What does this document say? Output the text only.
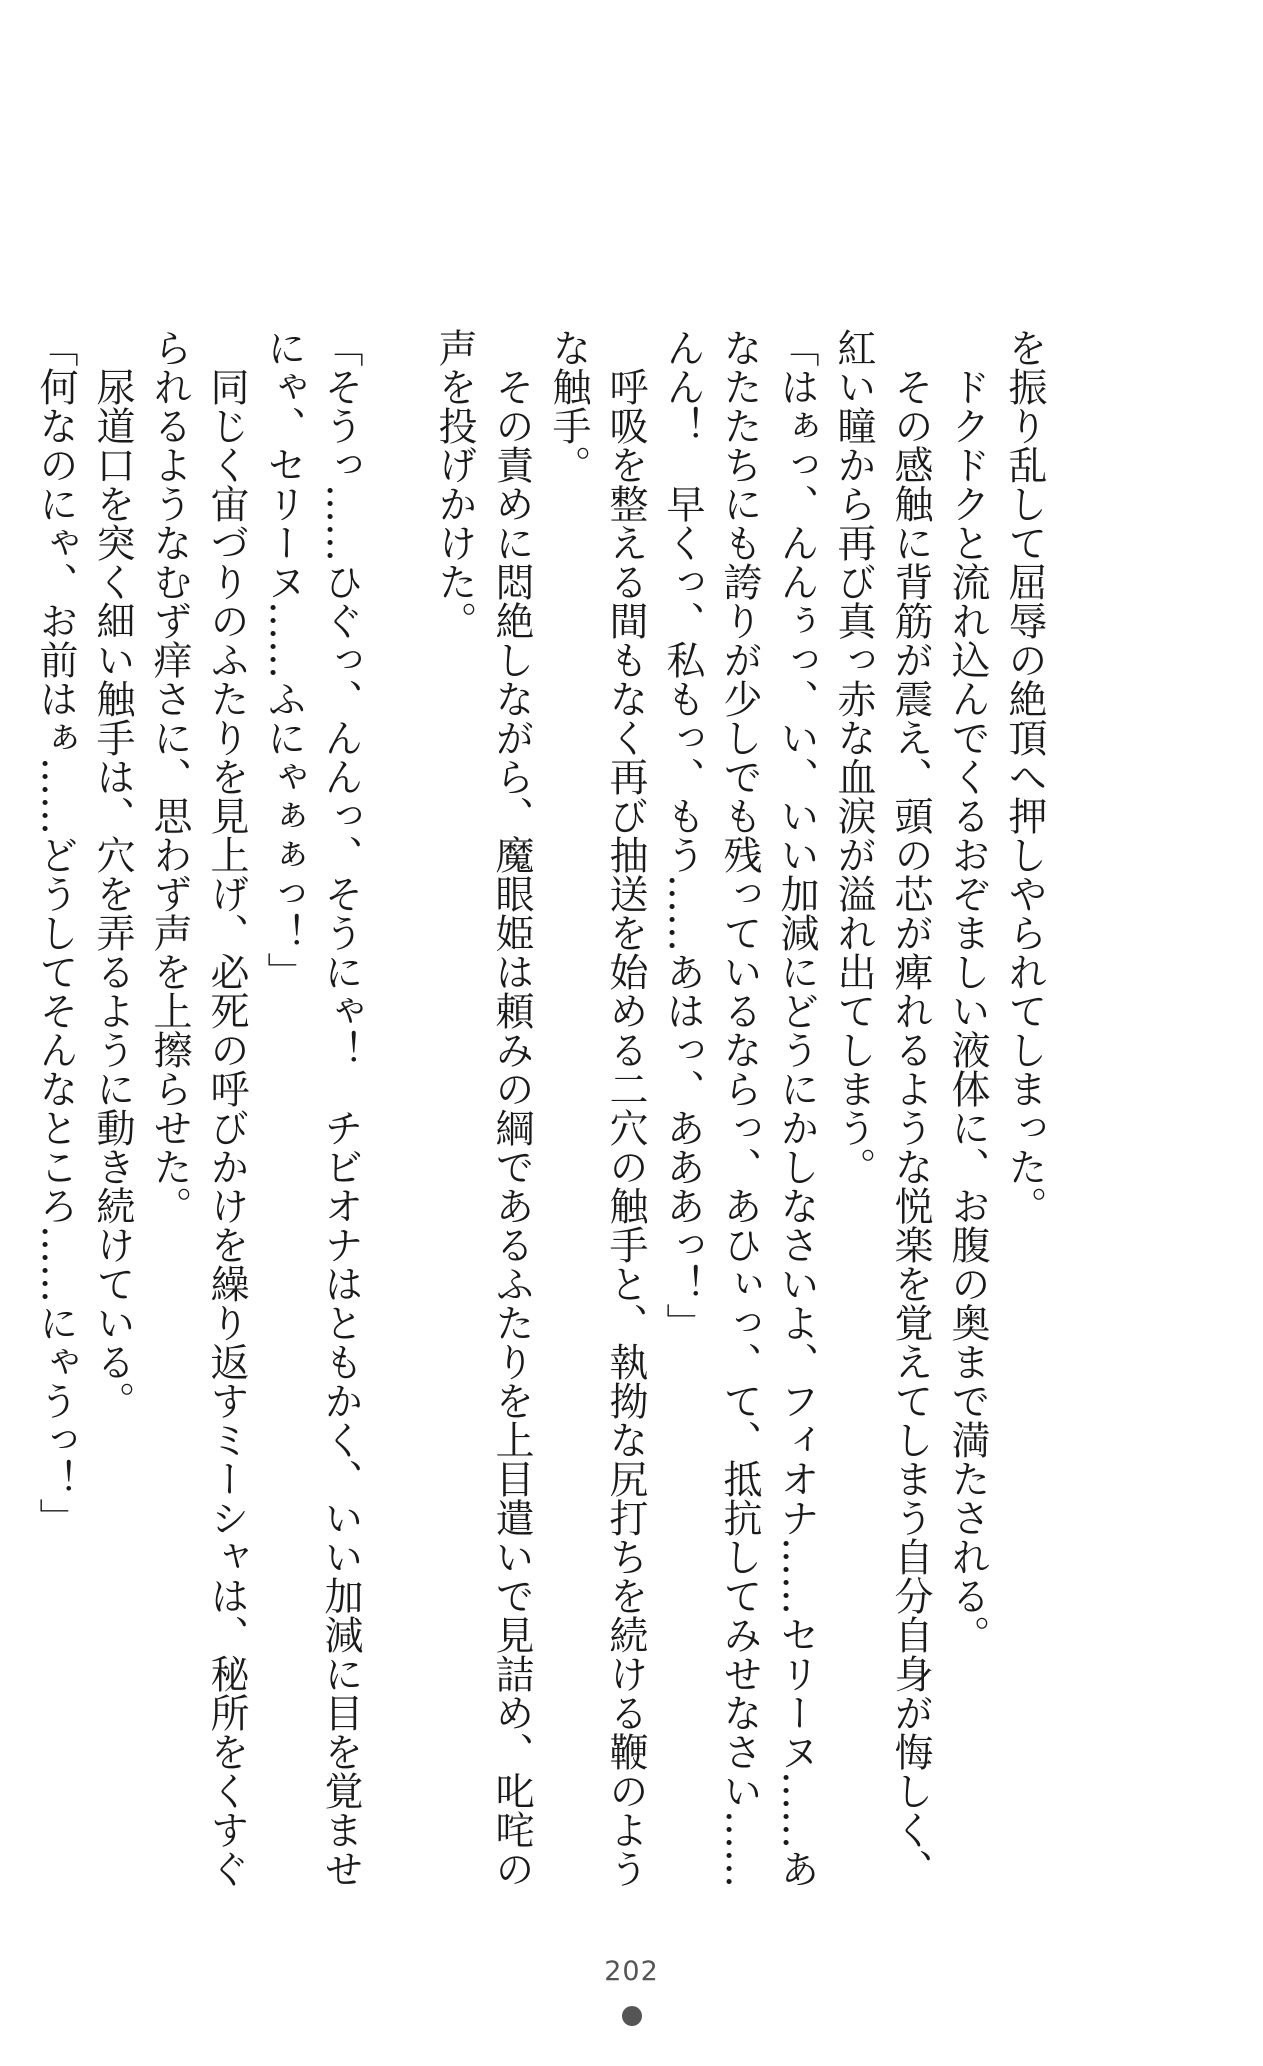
を振り乱して屈辱の絶頂へ押しやられてしまった。
　ドクドクと流れ込んでくるおぞましい液体に、お腹の奥まで満たされる。
　その感触に背筋が震え、頭の芯が痺れるような悦楽を覚えてしまう自分自身が悔しく、
紅い瞳から再び真っ赤な血涙が溢れ出てしまう。
「はぁっ、んんぅっ、い、いい加減にどうにかしなさいよ、フィオナ……セリーヌ……あ
なたたちにも誇りが少しでも残っているならっ、あひぃっ、て、抵抗してみせなさい……
んん！　早くっ、私もっ、もう……あはっ、あああっ！」
　呼吸を整える間もなく再び抽送を始める二穴の触手と、執拗な尻打ちを続ける鞭のよう
な触手。
　その責めに悶絶しながら、魔眼姫は頼みの綱であるふたりを上目遣いで見詰め、叱咤の
声を投げかけた。
「そうっ……ひぐっ、んんっ、そうにゃ！　チビオナはともかく、いい加減に目を覚ませ
にゃ、セリーヌ……ふにゃぁぁっ！」
　同じく宙づりのふたりを見上げ、必死の呼びかけを繰り返すミーシャは、秘所をくすぐ
られるようなむず痒さに、思わず声を上擦らせた。
　尿道口を突く細い触手は、穴を弄るように動き続けている。
「何なのにゃ、お前はぁ……どうしてそんなところ……にゃうっ！」
202
